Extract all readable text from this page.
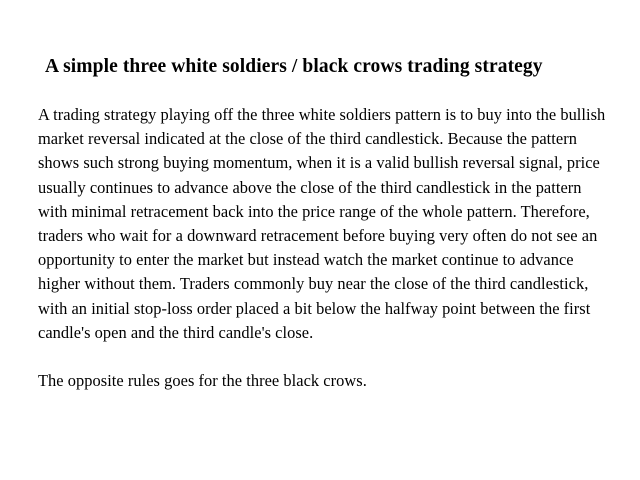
A simple three white soldiers / black crows trading strategy

A trading strategy playing off the three white soldiers pattern is to buy into the bullish market reversal indicated at the close of the third candlestick. Because the pattern shows such strong buying momentum, when it is a valid bullish reversal signal, price usually continues to advance above the close of the third candlestick in the pattern with minimal retracement back into the price range of the whole pattern. Therefore, traders who wait for a downward retracement before buying very often do not see an opportunity to enter the market but instead watch the market continue to advance higher without them. Traders commonly buy near the close of the third candlestick, with an initial stop-loss order placed a bit below the halfway point between the first candle's open and the third candle's close.

The opposite rules goes for the three black crows.
